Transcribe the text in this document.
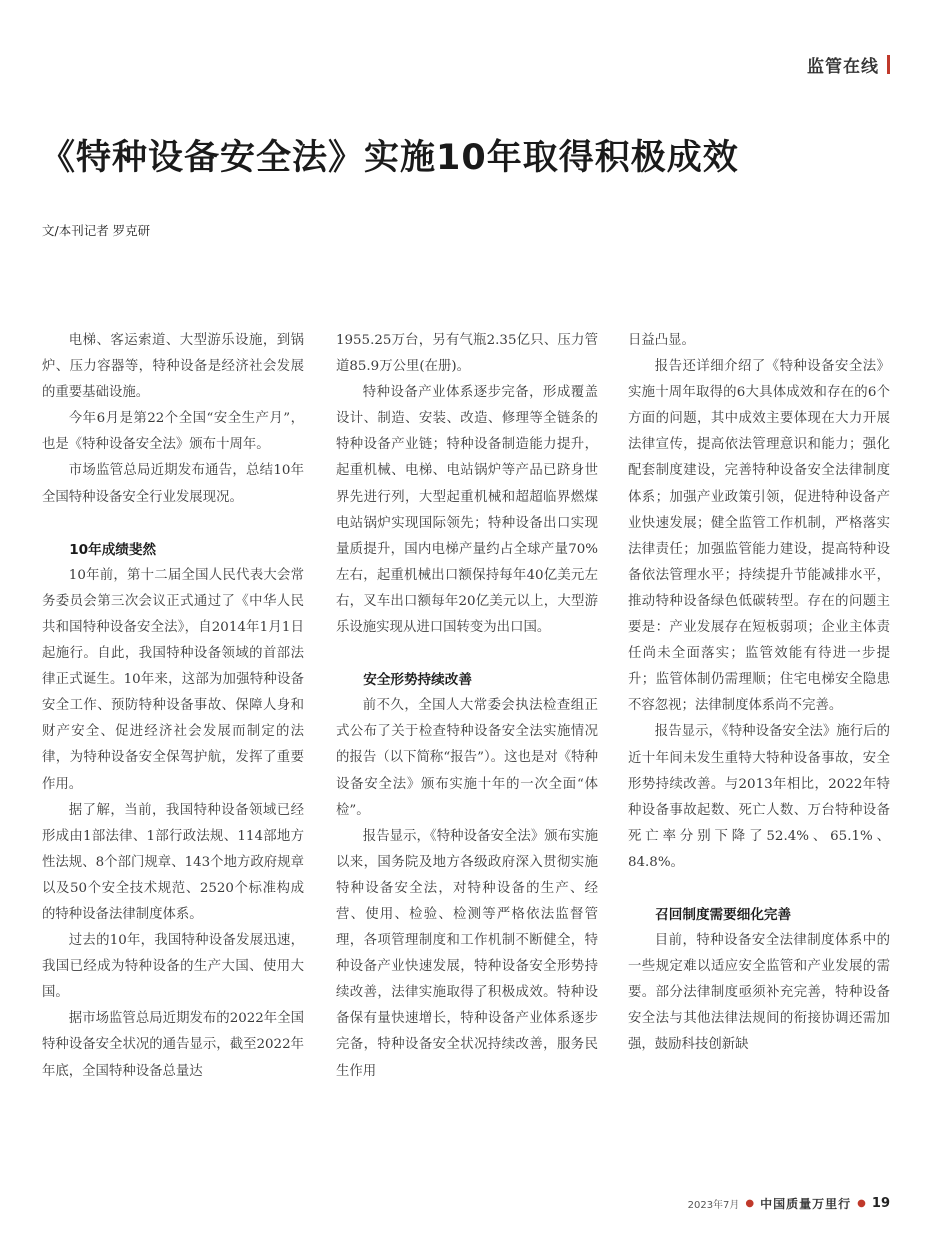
监管在线
《特种设备安全法》实施10年取得积极成效
文/本刊记者 罗克研

电梯、客运索道、大型游乐设施，到锅炉、压力容器等，特种设备是经济社会发展的重要基础设施。

今年6月是第22个全国“安全生产月”，也是《特种设备安全法》颁布十周年。

市场监管总局近期发布通告，总结10年全国特种设备安全行业发展现况。

10年成绩斐然

10年前，第十二届全国人民代表大会常务委员会第三次会议正式通过了《中华人民共和国特种设备安全法》，自2014年1月1日起施行。自此，我国特种设备领域的首部法律正式诞生。10年来，这部为加强特种设备安全工作、预防特种设备事故、保障人身和财产安全、促进经济社会发展而制定的法律，为特种设备安全保驾护航，发挥了重要作用。

据了解，当前，我国特种设备领域已经形成由1部法律、1部行政法规、114部地方性法规、8个部门规章、143个地方政府规章以及50个安全技术规范、2520个标准构成的特种设备法律制度体系。

过去的10年，我国特种设备发展迅速，我国已经成为特种设备的生产大国、使用大国。

据市场监管总局近期发布的2022年全国特种设备安全状况的通告显示，截至2022年年底，全国特种设备总量达

1955.25万台，另有气瓶2.35亿只、压力管道85.9万公里(在册)。

特种设备产业体系逐步完备，形成覆盖设计、制造、安装、改造、修理等全链条的特种设备产业链；特种设备制造能力提升，起重机械、电梯、电站锅炉等产品已跻身世界先进行列，大型起重机械和超超临界燃煤电站锅炉实现国际领先；特种设备出口实现量质提升，国内电梯产量约占全球产量70%左右，起重机械出口额保持每年40亿美元左右，叉车出口额每年20亿美元以上，大型游乐设施实现从进口国转变为出口国。

安全形势持续改善

前不久，全国人大常委会执法检查组正式公布了关于检查特种设备安全法实施情况的报告（以下简称“报告”）。这也是对《特种设备安全法》颁布实施十年的一次全面“体检”。

报告显示，《特种设备安全法》颁布实施以来，国务院及地方各级政府深入贯彻实施特种设备安全法，对特种设备的生产、经营、使用、检验、检测等严格依法监督管理，各项管理制度和工作机制不断健全，特种设备产业快速发展，特种设备安全形势持续改善，法律实施取得了积极成效。特种设备保有量快速增长，特种设备产业体系逐步完备，特种设备安全状况持续改善，服务民生作用

日益凸显。

报告还详细介绍了《特种设备安全法》实施十周年取得的6大具体成效和存在的6个方面的问题，其中成效主要体现在大力开展法律宣传，提高依法管理意识和能力；强化配套制度建设，完善特种设备安全法律制度体系；加强产业政策引领，促进特种设备产业快速发展；健全监管工作机制，严格落实法律责任；加强监管能力建设，提高特种设备依法管理水平；持续提升节能减排水平，推动特种设备绿色低碳转型。存在的问题主要是：产业发展存在短板弱项；企业主体责任尚未全面落实；监管效能有待进一步提升；监管体制仍需理顺；住宅电梯安全隐患不容忽视；法律制度体系尚不完善。

报告显示，《特种设备安全法》施行后的近十年间未发生重特大特种设备事故，安全形势持续改善。与2013年相比，2022年特种设备事故起数、死亡人数、万台特种设备死亡率分别下降了52.4%、65.1%、84.8%。

召回制度需要细化完善

目前，特种设备安全法律制度体系中的一些规定难以适应安全监管和产业发展的需要。部分法律制度亟须补充完善，特种设备安全法与其他法律法规间的衔接协调还需加强，鼓励科技创新缺

2023年7月 ● 中国质量万里行 ● 19
